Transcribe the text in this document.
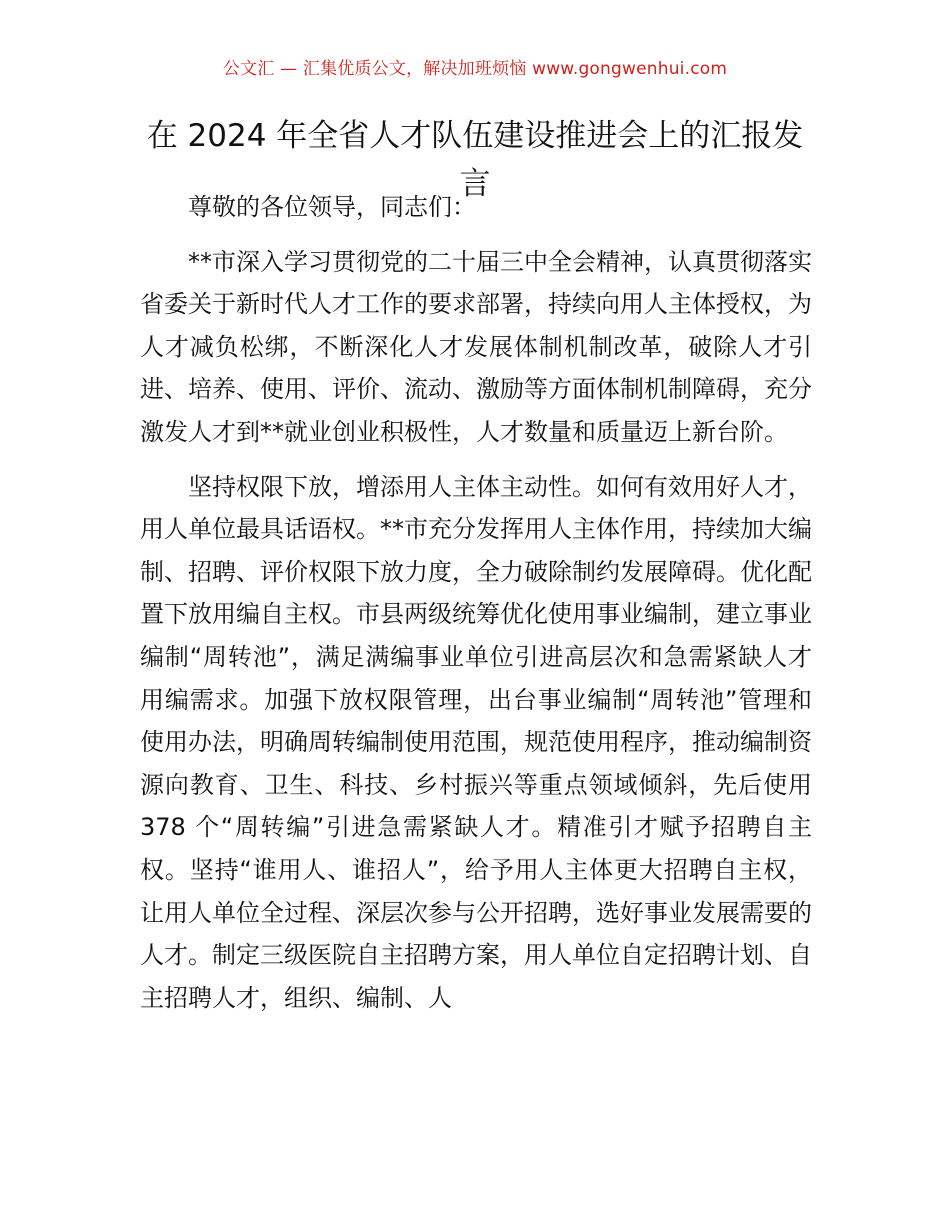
公文汇 — 汇集优质公文，解决加班烦恼 www.gongwenhui.com
在 2024 年全省人才队伍建设推进会上的汇报发言

尊敬的各位领导，同志们：

**市深入学习贯彻党的二十届三中全会精神，认真贯彻落实省委关于新时代人才工作的要求部署，持续向用人主体授权，为人才减负松绑，不断深化人才发展体制机制改革，破除人才引进、培养、使用、评价、流动、激励等方面体制机制障碍，充分激发人才到**就业创业积极性，人才数量和质量迈上新台阶。

坚持权限下放，增添用人主体主动性。如何有效用好人才，用人单位最具话语权。**市充分发挥用人主体作用，持续加大编制、招聘、评价权限下放力度，全力破除制约发展障碍。优化配置下放用编自主权。市县两级统筹优化使用事业编制，建立事业编制“周转池”，满足满编事业单位引进高层次和急需紧缺人才用编需求。加强下放权限管理，出台事业编制“周转池”管理和使用办法，明确周转编制使用范围，规范使用程序，推动编制资源向教育、卫生、科技、乡村振兴等重点领域倾斜，先后使用 378 个“周转编”引进急需紧缺人才。精准引才赋予招聘自主权。坚持“谁用人、谁招人”，给予用人主体更大招聘自主权，让用人单位全过程、深层次参与公开招聘，选好事业发展需要的人才。制定三级医院自主招聘方案，用人单位自定招聘计划、自主招聘人才，组织、编制、人
